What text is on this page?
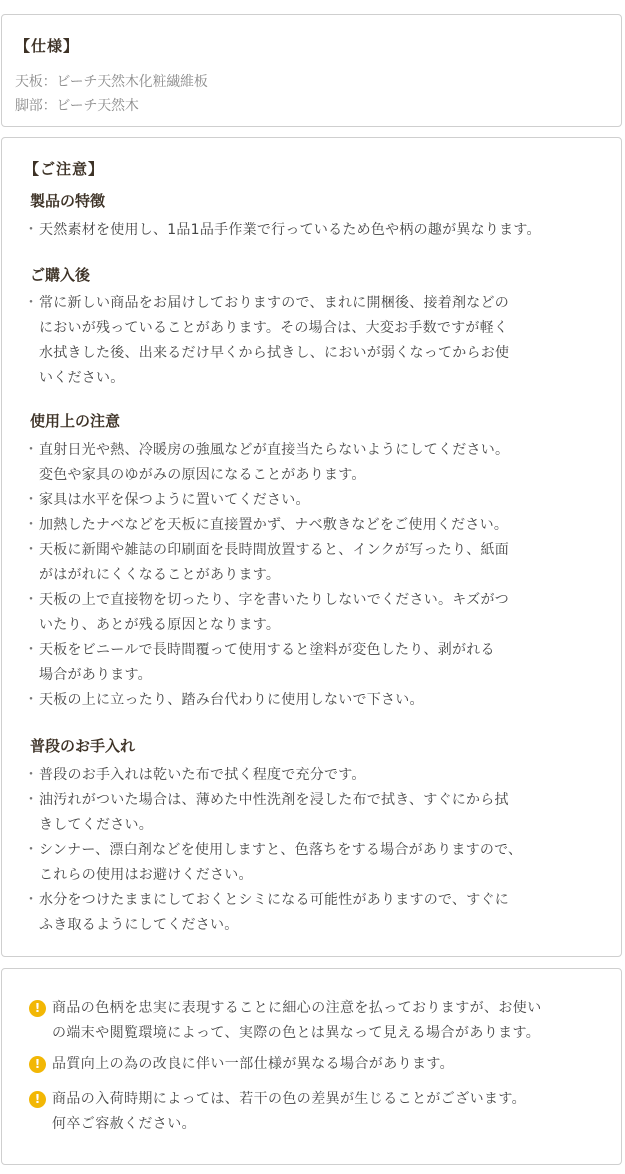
【仕様】
天板：ビーチ天然木化粧繊維板
脚部：ビーチ天然木
【ご注意】
製品の特徴
・ 天然素材を使用し、1品1品手作業で行っているため色や柄の趣が異なります。
ご購入後
・ 常に新しい商品をお届けしておりますので、まれに開梱後、接着剤などの
においが残っていることがあります。その場合は、大変お手数ですが軽く
水拭きした後、出来るだけ早くから拭きし、においが弱くなってからお使
いください。
使用上の注意
・ 直射日光や熱、冷暖房の強風などが直接当たらないようにしてください。
変色や家具のゆがみの原因になることがあります。
・ 家具は水平を保つように置いてください。
・ 加熱したナベなどを天板に直接置かず、ナベ敷きなどをご使用ください。
・ 天板に新聞や雑誌の印刷面を長時間放置すると、インクが写ったり、紙面
がはがれにくくなることがあります。
・ 天板の上で直接物を切ったり、字を書いたりしないでください。キズがつ
いたり、あとが残る原因となります。
・ 天板をビニールで長時間覆って使用すると塗料が変色したり、剥がれる
場合があります。
・ 天板の上に立ったり、踏み台代わりに使用しないで下さい。
普段のお手入れ
・ 普段のお手入れは乾いた布で拭く程度で充分です。
・ 油汚れがついた場合は、薄めた中性洗剤を浸した布で拭き、すぐにから拭
きしてください。
・ シンナー、漂白剤などを使用しますと、色落ちをする場合がありますので、
これらの使用はお避けください。
・ 水分をつけたままにしておくとシミになる可能性がありますので、すぐに
ふき取るようにしてください。
! 商品の色柄を忠実に表現することに細心の注意を払っておりますが、お使い
の端末や閲覧環境によって、実際の色とは異なって見える場合があります。
! 品質向上の為の改良に伴い一部仕様が異なる場合があります。
! 商品の入荷時期によっては、若干の色の差異が生じることがございます。
何卒ご容赦ください。
